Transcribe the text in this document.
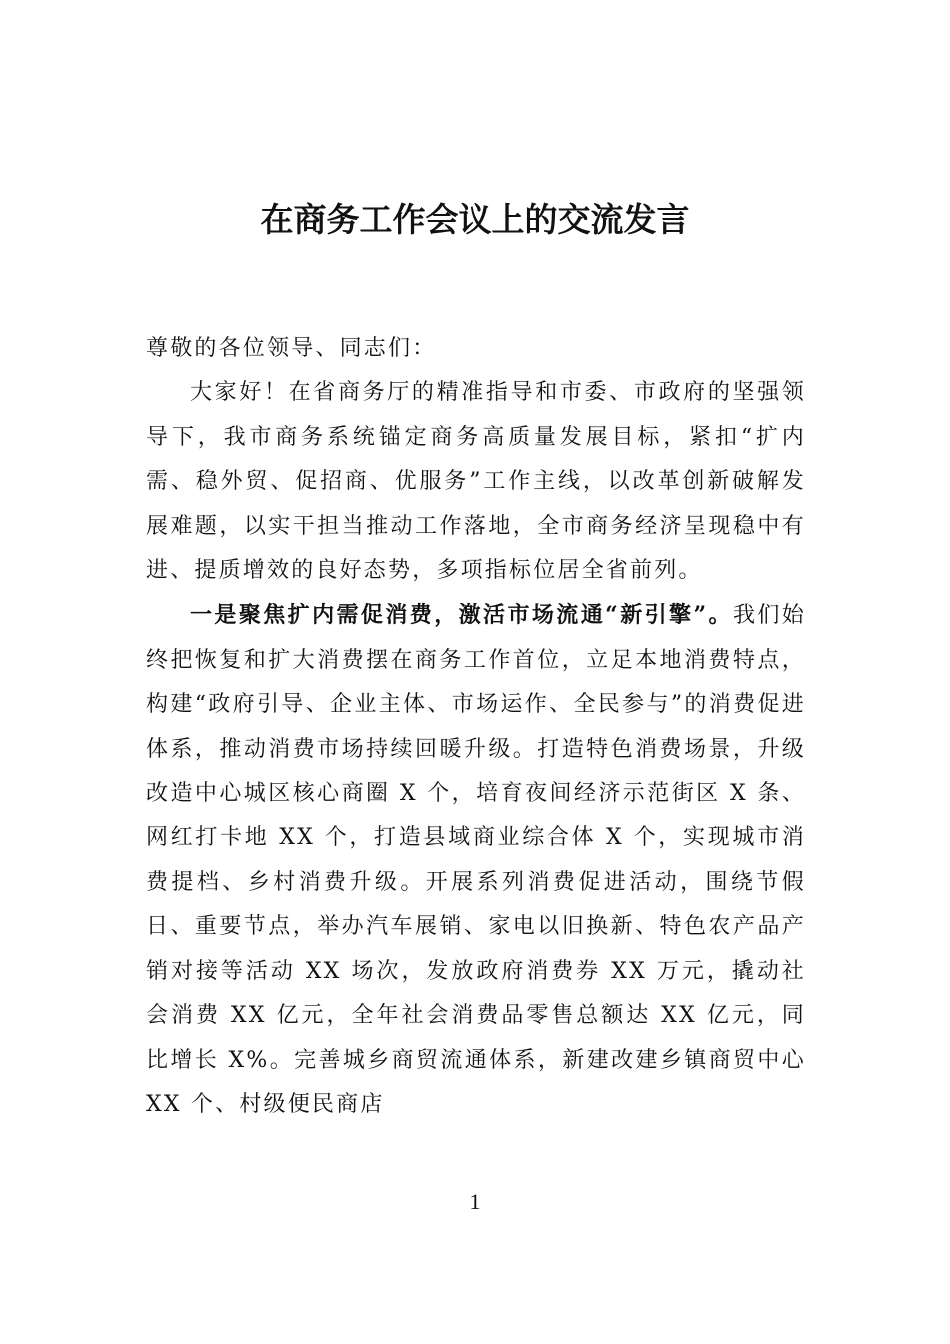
在商务工作会议上的交流发言

尊敬的各位领导、同志们：

大家好！在省商务厅的精准指导和市委、市政府的坚强领导下，我市商务系统锚定商务高质量发展目标，紧扣“扩内需、稳外贸、促招商、优服务”工作主线，以改革创新破解发展难题，以实干担当推动工作落地，全市商务经济呈现稳中有进、提质增效的良好态势，多项指标位居全省前列。

一是聚焦扩内需促消费，激活市场流通“新引擎”。我们始终把恢复和扩大消费摆在商务工作首位，立足本地消费特点，构建“政府引导、企业主体、市场运作、全民参与”的消费促进体系，推动消费市场持续回暖升级。打造特色消费场景，升级改造中心城区核心商圈 X 个，培育夜间经济示范街区 X 条、网红打卡地 XX 个，打造县域商业综合体 X 个，实现城市消费提档、乡村消费升级。开展系列消费促进活动，围绕节假日、重要节点，举办汽车展销、家电以旧换新、特色农产品产销对接等活动 XX 场次，发放政府消费券 XX 万元，撬动社会消费 XX 亿元，全年社会消费品零售总额达 XX 亿元，同比增长 X%。完善城乡商贸流通体系，新建改建乡镇商贸中心 XX 个、村级便民商店

1
